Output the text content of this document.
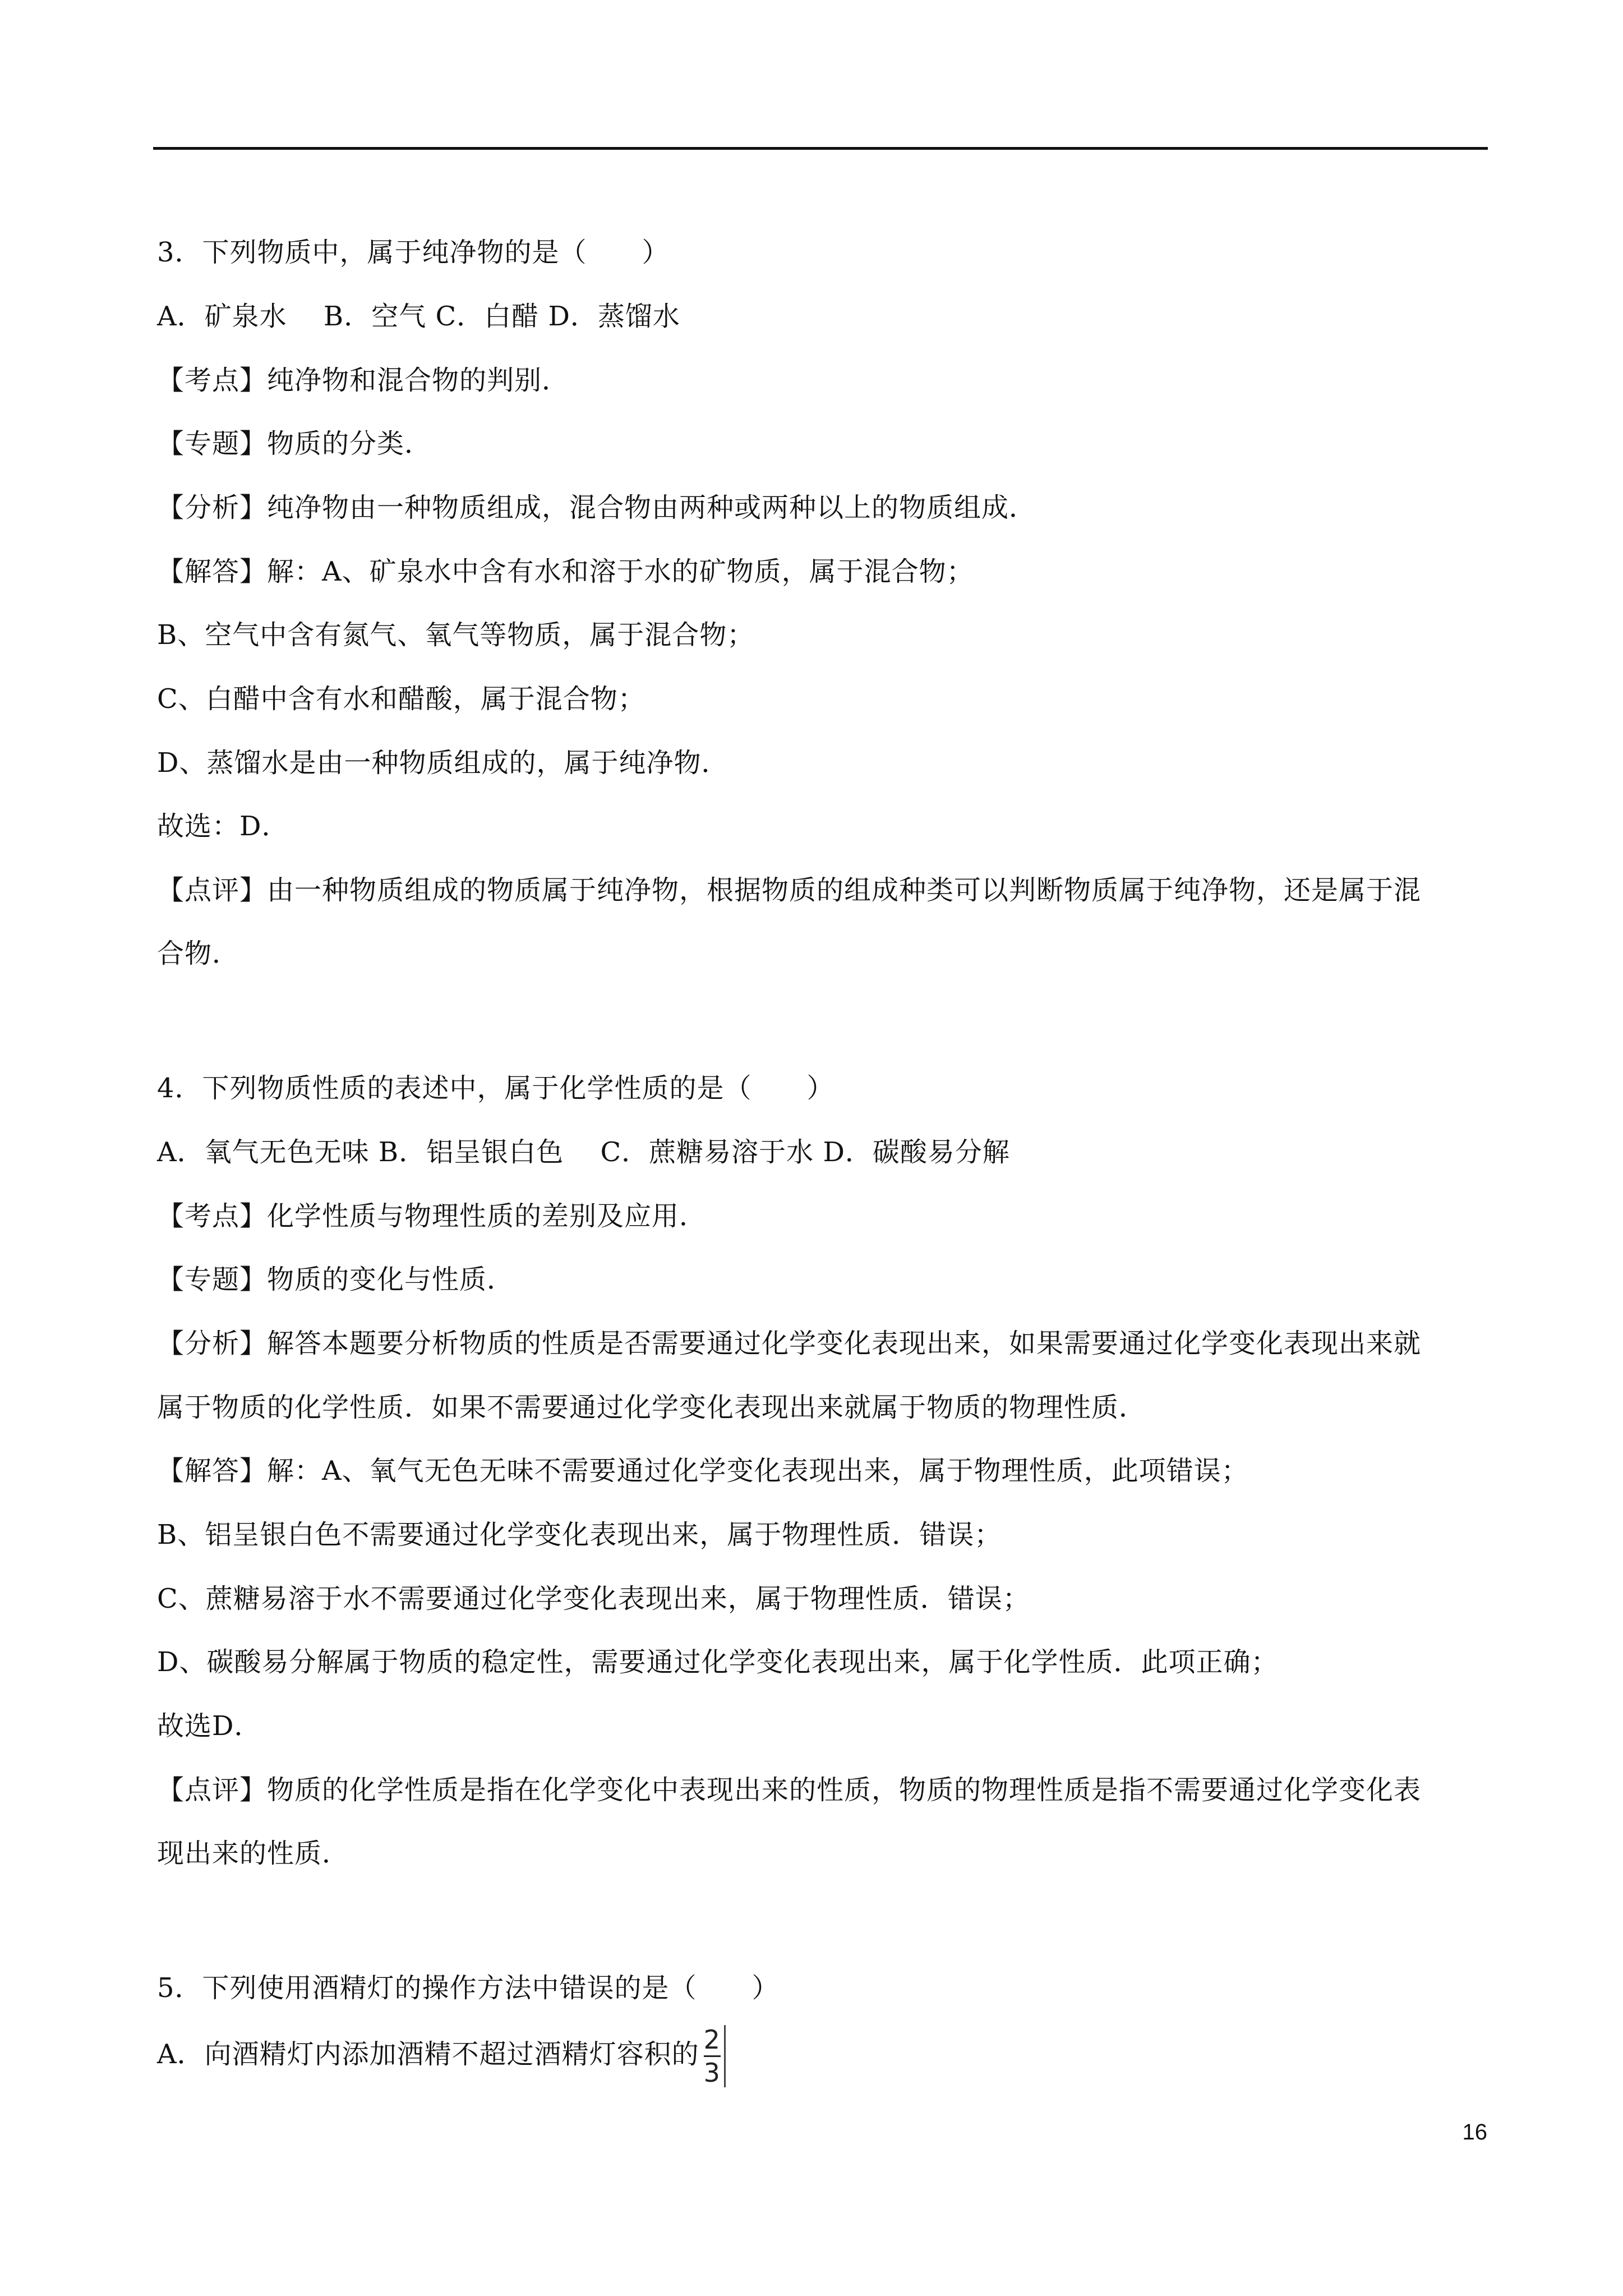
3．下列物质中，属于纯净物的是（　　）
A．矿泉水　 B．空气 C．白醋 D．蒸馏水
【考点】纯净物和混合物的判别．
【专题】物质的分类．
【分析】纯净物由一种物质组成，混合物由两种或两种以上的物质组成．
【解答】解：A、矿泉水中含有水和溶于水的矿物质，属于混合物；
B、空气中含有氮气、氧气等物质，属于混合物；
C、白醋中含有水和醋酸，属于混合物；
D、蒸馏水是由一种物质组成的，属于纯净物．
故选：D．
【点评】由一种物质组成的物质属于纯净物，根据物质的组成种类可以判断物质属于纯净物，还是属于混
合物．
4．下列物质性质的表述中，属于化学性质的是（　　）
A．氧气无色无味 B．铝呈银白色　 C．蔗糖易溶于水 D．碳酸易分解
【考点】化学性质与物理性质的差别及应用．
【专题】物质的变化与性质．
【分析】解答本题要分析物质的性质是否需要通过化学变化表现出来，如果需要通过化学变化表现出来就
属于物质的化学性质．如果不需要通过化学变化表现出来就属于物质的物理性质．
【解答】解：A、氧气无色无味不需要通过化学变化表现出来，属于物理性质，此项错误；
B、铝呈银白色不需要通过化学变化表现出来，属于物理性质．错误；
C、蔗糖易溶于水不需要通过化学变化表现出来，属于物理性质．错误；
D、碳酸易分解属于物质的稳定性，需要通过化学变化表现出来，属于化学性质．此项正确；
故选D．
【点评】物质的化学性质是指在化学变化中表现出来的性质，物质的物理性质是指不需要通过化学变化表
现出来的性质．
5．下列使用酒精灯的操作方法中错误的是（　　）
A．向酒精灯内添加酒精不超过酒精灯容积的 $\frac{2}{3}$
16
